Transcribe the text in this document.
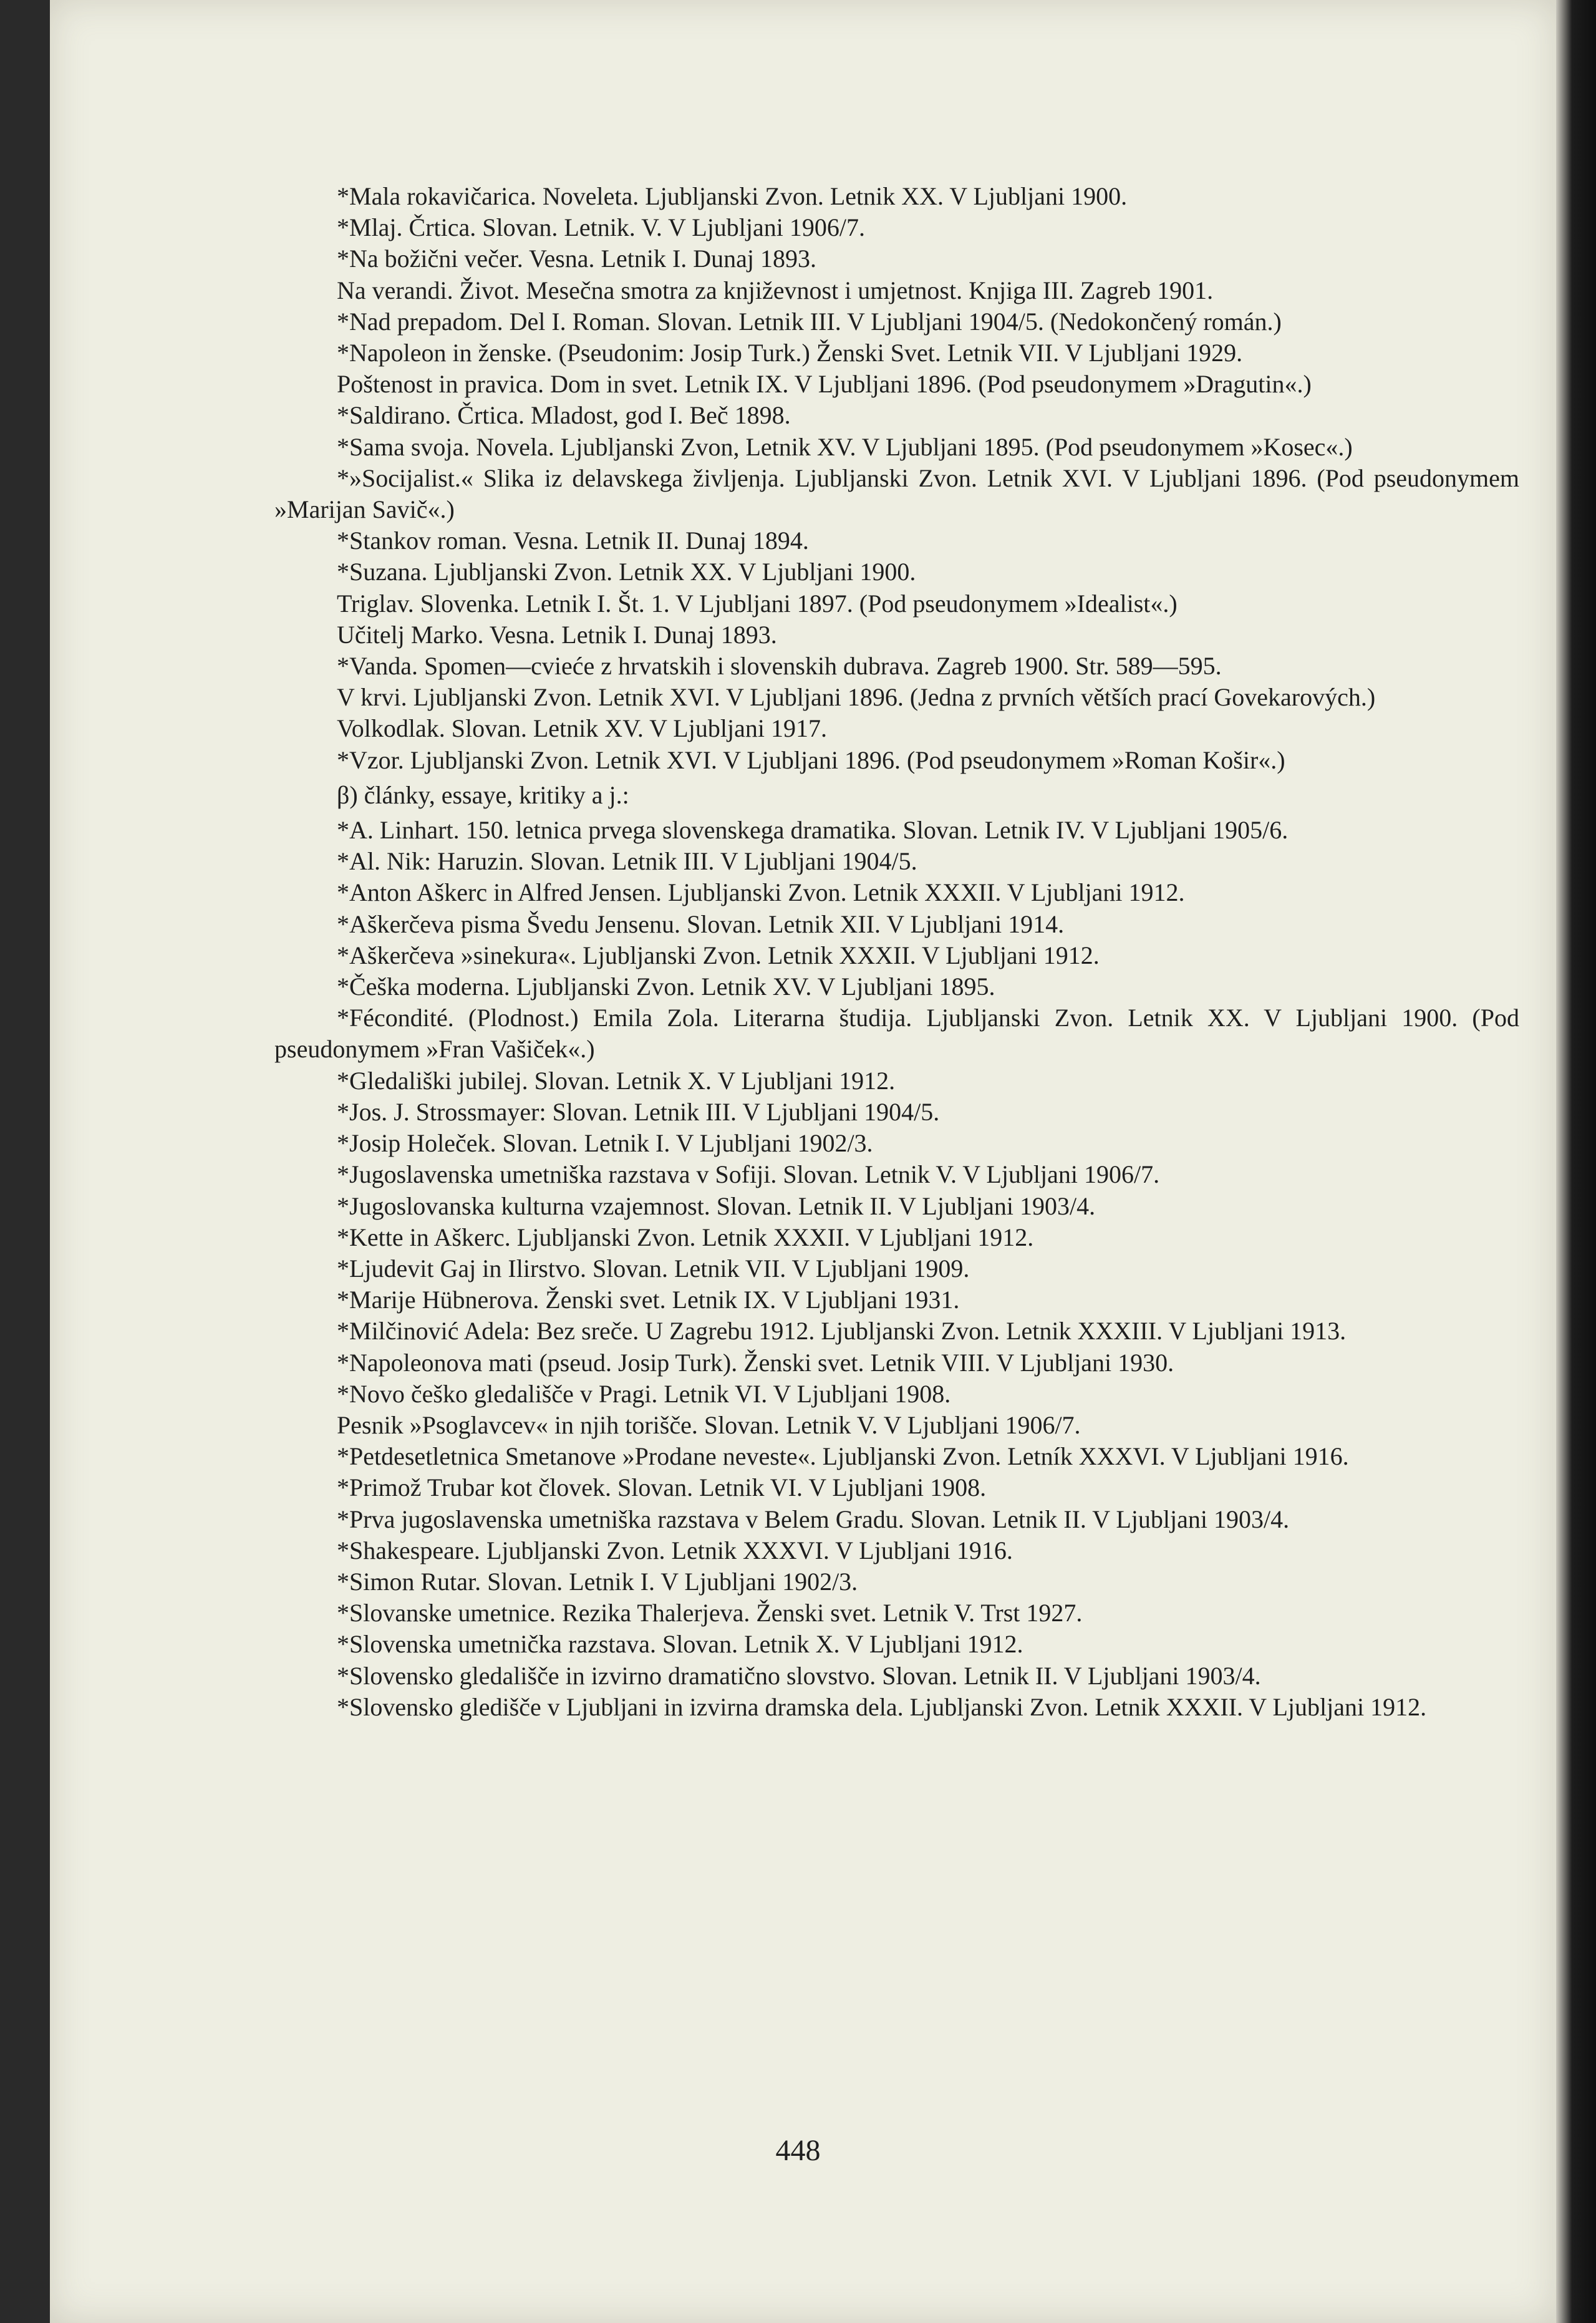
*Mala rokavičarica. Noveleta. Ljubljanski Zvon. Letnik XX. V Ljubljani 1900.

*Mlaj. Črtica. Slovan. Letnik. V. V Ljubljani 1906/7.

*Na božični večer. Vesna. Letnik I. Dunaj 1893.

Na verandi. Život. Mesečna smotra za književnost i umjetnost. Knjiga III. Zagreb 1901.

*Nad prepadom. Del I. Roman. Slovan. Letnik III. V Ljubljani 1904/5. (Nedokončený román.)

*Napoleon in ženske. (Pseudonim: Josip Turk.) Ženski Svet. Letnik VII. V Ljubljani 1929.

Poštenost in pravica. Dom in svet. Letnik IX. V Ljubljani 1896. (Pod pseudonymem »Dragutin«.)

*Saldirano. Črtica. Mladost, god I. Beč 1898.

*Sama svoja. Novela. Ljubljanski Zvon, Letnik XV. V Ljubljani 1895. (Pod pseudonymem »Kosec«.)

*»Socijalist.« Slika iz delavskega življenja. Ljubljanski Zvon. Letnik XVI. V Ljubljani 1896. (Pod pseudonymem »Marijan Savič«.)

*Stankov roman. Vesna. Letnik II. Dunaj 1894.

*Suzana. Ljubljanski Zvon. Letnik XX. V Ljubljani 1900.

Triglav. Slovenka. Letnik I. Št. 1. V Ljubljani 1897. (Pod pseudonymem »Idealist«.)

Učitelj Marko. Vesna. Letnik I. Dunaj 1893.

*Vanda. Spomen—cvieće z hrvatskih i slovenskih dubrava. Zagreb 1900. Str. 589—595.

V krvi. Ljubljanski Zvon. Letnik XVI. V Ljubljani 1896. (Jedna z prvních větších prací Govekarových.)

Volkodlak. Slovan. Letnik XV. V Ljubljani 1917.

*Vzor. Ljubljanski Zvon. Letnik XVI. V Ljubljani 1896. (Pod pseudonymem »Roman Košir«.)

β) články, essaye, kritiky a j.:

*A. Linhart. 150. letnica prvega slovenskega dramatika. Slovan. Letnik IV. V Ljubljani 1905/6.

*Al. Nik: Haruzin. Slovan. Letnik III. V Ljubljani 1904/5.

*Anton Aškerc in Alfred Jensen. Ljubljanski Zvon. Letnik XXXII. V Ljubljani 1912.

*Aškerčeva pisma Švedu Jensenu. Slovan. Letnik XII. V Ljubljani 1914.

*Aškerčeva »sinekura«. Ljubljanski Zvon. Letnik XXXII. V Ljubljani 1912.

*Češka moderna. Ljubljanski Zvon. Letnik XV. V Ljubljani 1895.

*Fécondité. (Plodnost.) Emila Zola. Literarna študija. Ljubljanski Zvon. Letnik XX. V Ljubljani 1900. (Pod pseudonymem »Fran Vašiček«.)

*Gledališki jubilej. Slovan. Letnik X. V Ljubljani 1912.

*Jos. J. Strossmayer: Slovan. Letnik III. V Ljubljani 1904/5.

*Josip Holeček. Slovan. Letnik I. V Ljubljani 1902/3.

*Jugoslavenska umetniška razstava v Sofiji. Slovan. Letnik V. V Ljubljani 1906/7.

*Jugoslovanska kulturna vzajemnost. Slovan. Letnik II. V Ljubljani 1903/4.

*Kette in Aškerc. Ljubljanski Zvon. Letnik XXXII. V Ljubljani 1912.

*Ljudevit Gaj in Ilirstvo. Slovan. Letnik VII. V Ljubljani 1909.

*Marije Hübnerova. Ženski svet. Letnik IX. V Ljubljani 1931.

*Milčinović Adela: Bez sreče. U Zagrebu 1912. Ljubljanski Zvon. Letnik XXXIII. V Ljubljani 1913.

*Napoleonova mati (pseud. Josip Turk). Ženski svet. Letnik VIII. V Ljubljani 1930.

*Novo češko gledališče v Pragi. Letnik VI. V Ljubljani 1908.

Pesnik »Psoglavcev« in njih torišče. Slovan. Letnik V. V Ljubljani 1906/7.

*Petdesetletnica Smetanove »Prodane neveste«. Ljubljanski Zvon. Letník XXXVI. V Ljubljani 1916.

*Primož Trubar kot človek. Slovan. Letnik VI. V Ljubljani 1908.

*Prva jugoslavenska umetniška razstava v Belem Gradu. Slovan. Letnik II. V Ljubljani 1903/4.

*Shakespeare. Ljubljanski Zvon. Letnik XXXVI. V Ljubljani 1916.

*Simon Rutar. Slovan. Letnik I. V Ljubljani 1902/3.

*Slovanske umetnice. Rezika Thalerjeva. Ženski svet. Letnik V. Trst 1927.

*Slovenska umetnička razstava. Slovan. Letnik X. V Ljubljani 1912.

*Slovensko gledališče in izvirno dramatično slovstvo. Slovan. Letnik II. V Ljubljani 1903/4.

*Slovensko gledišče v Ljubljani in izvirna dramska dela. Ljubljanski Zvon. Letnik XXXII. V Ljubljani 1912.

448
